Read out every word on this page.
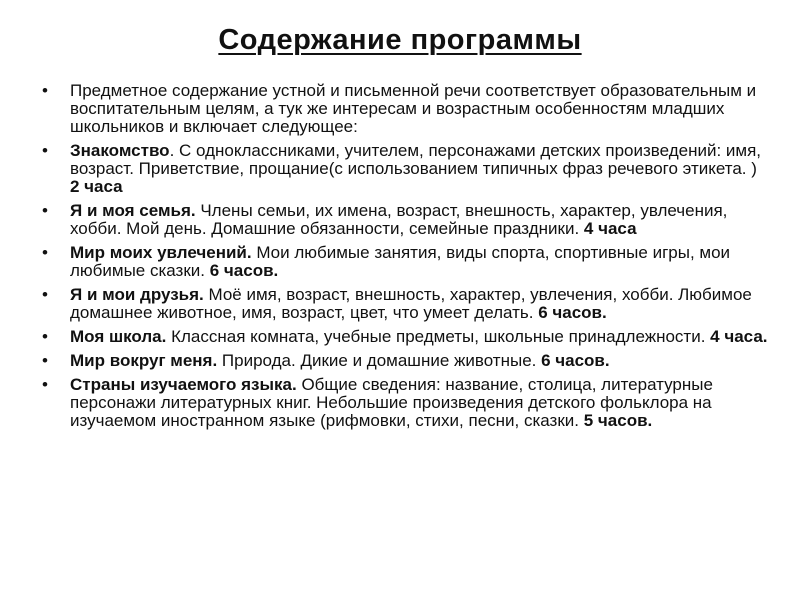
Содержание программы
• Предметное содержание устной и письменной речи соответствует образовательным и воспитательным целям, а тук же интересам и возрастным особенностям младших школьников и включает следующее:
• Знакомство. С одноклассниками, учителем, персонажами детских произведений: имя, возраст. Приветствие, прощание(с использованием типичных фраз речевого этикета. ) 2 часа
• Я и моя семья. Члены семьи, их имена, возраст, внешность, характер, увлечения, хобби. Мой день. Домашние обязанности, семейные праздники. 4 часа
• Мир моих увлечений. Мои любимые занятия, виды спорта, спортивные игры, мои любимые сказки. 6 часов.
• Я и мои друзья. Моё имя, возраст, внешность, характер, увлечения, хобби. Любимое домашнее животное, имя, возраст, цвет, что умеет делать. 6 часов.
• Моя школа. Классная комната, учебные предметы, школьные принадлежности. 4 часа.
• Мир вокруг меня. Природа. Дикие и домашние животные. 6 часов.
• Страны изучаемого языка. Общие сведения: название, столица, литературные персонажи литературных книг. Небольшие произведения детского фольклора на изучаемом иностранном языке (рифмовки, стихи, песни, сказки. 5 часов.
